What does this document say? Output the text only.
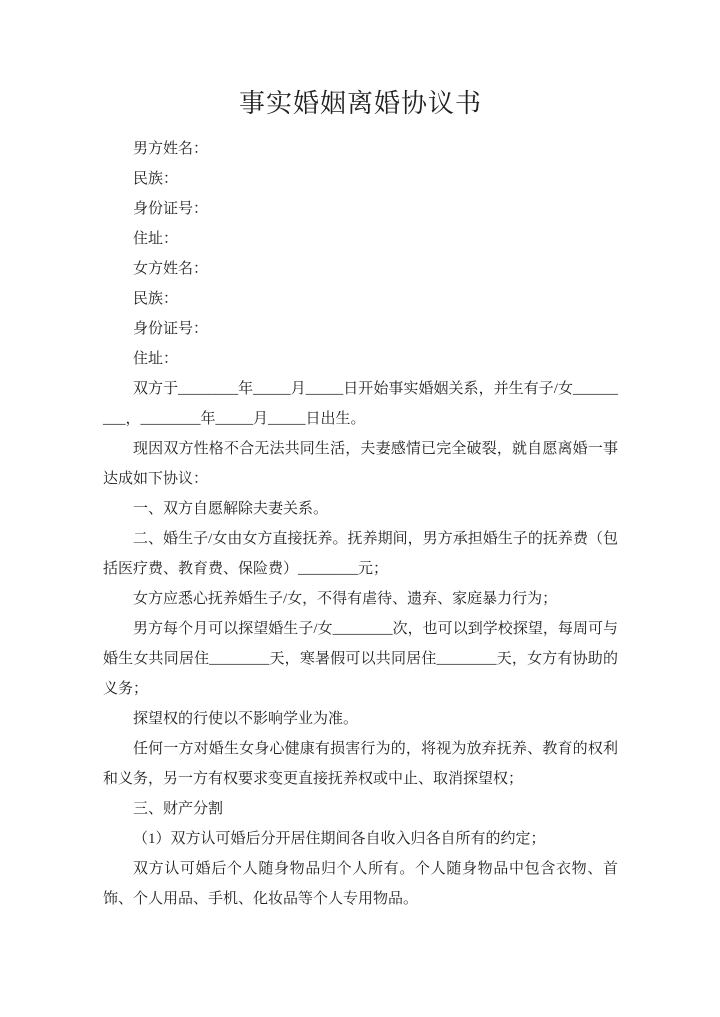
事实婚姻离婚协议书

男方姓名：

民族：

身份证号：

住址：

女方姓名：

民族：

身份证号：

住址：

双方于________年_____月_____日开始事实婚姻关系，并生有子/女_________，________年_____月_____日出生。

现因双方性格不合无法共同生活，夫妻感情已完全破裂，就自愿离婚一事达成如下协议：

一、双方自愿解除夫妻关系。

二、婚生子/女由女方直接抚养。抚养期间，男方承担婚生子的抚养费（包括医疗费、教育费、保险费）________元；

女方应悉心抚养婚生子/女，不得有虐待、遗弃、家庭暴力行为；

男方每个月可以探望婚生子/女________次，也可以到学校探望，每周可与婚生女共同居住________天，寒暑假可以共同居住________天，女方有协助的义务；

探望权的行使以不影响学业为准。

任何一方对婚生女身心健康有损害行为的，将视为放弃抚养、教育的权利和义务，另一方有权要求变更直接抚养权或中止、取消探望权；

三、财产分割

（1）双方认可婚后分开居住期间各自收入归各自所有的约定；

双方认可婚后个人随身物品归个人所有。个人随身物品中包含衣物、首饰、个人用品、手机、化妆品等个人专用物品。
